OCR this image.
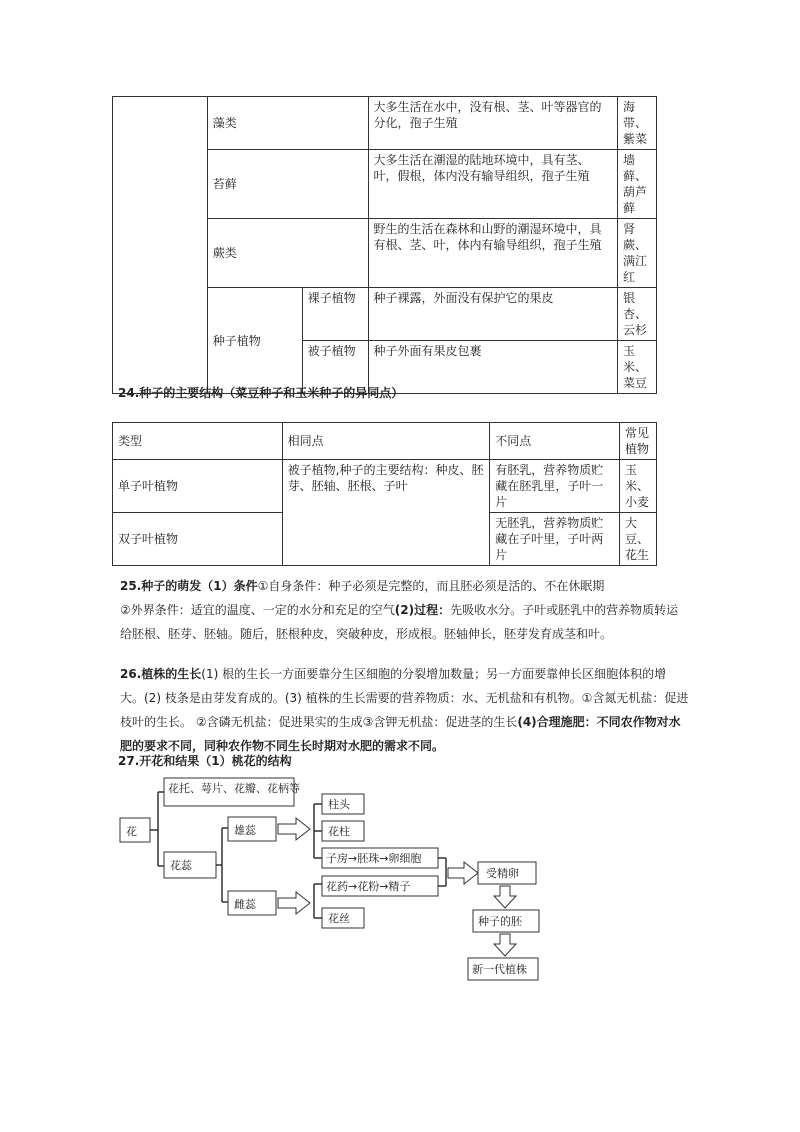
	藻类		大多生活在水中，没有根、茎、叶等器官的分化，孢子生殖	海带、紫菜
	苔藓		大多生活在潮湿的陆地环境中，具有茎、叶，假根，体内没有输导组织，孢子生殖	墙藓、葫芦藓
	蕨类		野生的生活在森林和山野的潮湿环境中，具有根、茎、叶，体内有输导组织，孢子生殖	肾蕨、满江红
	种子植物	裸子植物	种子裸露，外面没有保护它的果皮	银杏、云杉
		被子植物	种子外面有果皮包裹	玉米、菜豆
24.种子的主要结构（菜豆种子和玉米种子的异同点）
类型	相同点	不同点	常见植物
单子叶植物	被子植物,种子的主要结构：种皮、胚芽、胚轴、胚根、子叶	有胚乳，营养物质贮藏在胚乳里，子叶一片	玉米、小麦
双子叶植物		无胚乳，营养物质贮藏在子叶里，子叶两片	大豆、花生
25.种子的萌发（1）条件①自身条件：种子必须是完整的，而且胚必须是活的、不在休眠期
②外界条件：适宜的温度、一定的水分和充足的空气(2)过程：先吸收水分。子叶或胚乳中的营养物质转运给胚根、胚芽、胚轴。随后，胚根种皮，突破种皮，形成根。胚轴伸长，胚芽发育成茎和叶。
26.植株的生长(1) 根的生长一方面要靠分生区细胞的分裂增加数量；另一方面要靠伸长区细胞体积的增大。(2) 枝条是由芽发育成的。(3) 植株的生长需要的营养物质：水、无机盐和有机物。①含氮无机盐：促进枝叶的生长。 ②含磷无机盐：促进果实的生成③含钾无机盐：促进茎的生长(4)合理施肥：不同农作物对水肥的要求不同，同种农作物不同生长时期对水肥的需求不同。
27.开花和结果（1）桃花的结构
花
花托、萼片、花瓣、花柄等
花蕊
雄蕊
雌蕊
柱头
花柱
子房→胚珠→卵细胞
花药→花粉→精子
花丝
受精卵
种子的胚
新一代植株
